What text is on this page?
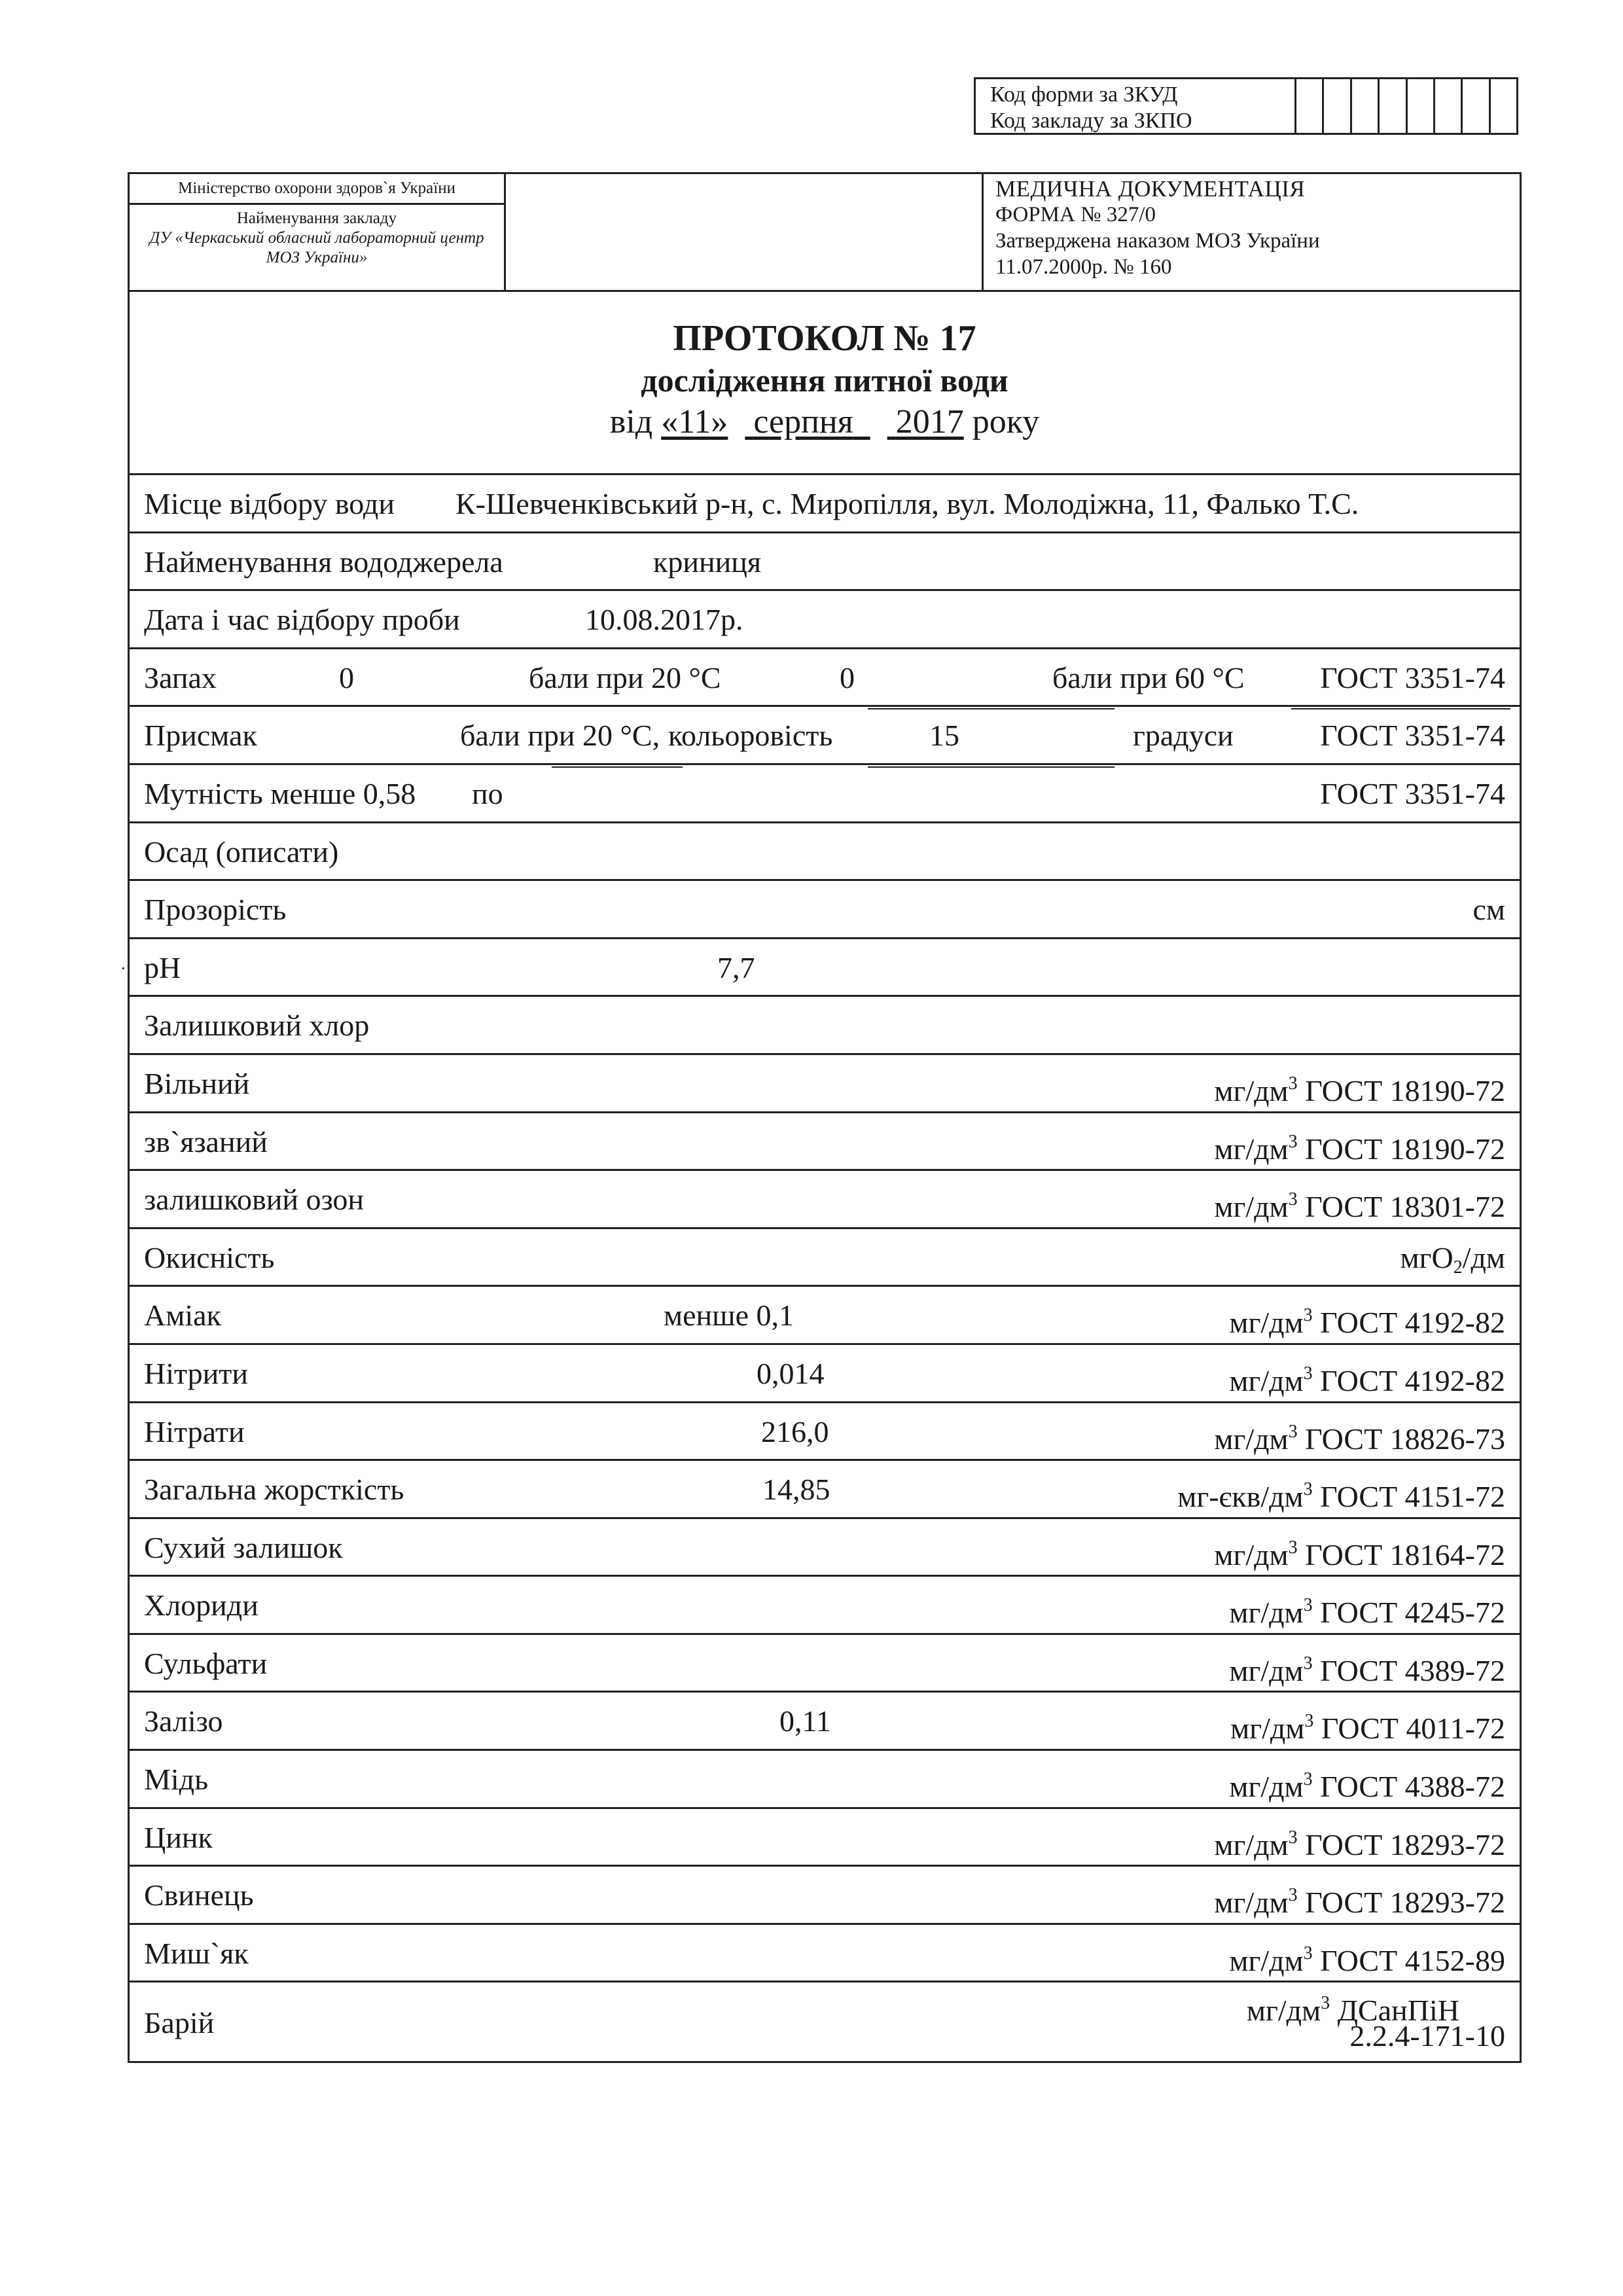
Код форми за ЗКУД
Код закладу за ЗКПО
Міністерство охорони здоров`я України
Найменування закладу
ДУ «Черкаський обласний лабораторний центр МОЗ України»
МЕДИЧНА ДОКУМЕНТАЦІЯ
ФОРМА № 327/0
Затверджена наказом МОЗ України
11.07.2000р. № 160
ПРОТОКОЛ № 17
дослідження питної води
від «11» серпня 2017 року
Місце відбору води К-Шевченківський р-н, с. Миропілля, вул. Молодіжна, 11, Фалько Т.С.
Найменування вододжерела	криниця
Дата і час відбору проби	10.08.2017р.
Запах	0	бали при 20 °С	0	бали при 60 °С	ГОСТ 3351-74
Присмак	бали при 20 °С, кольоровість	15	градуси	ГОСТ 3351-74
Мутність менше 0,58 по	ГОСТ 3351-74
Осад (описати)
Прозорість	см
· pH	7,7
Залишковий хлор
Вільний	$мг/дм^3$ ГОСТ 18190-72
зв`язаний	$мг/дм^3$ ГОСТ 18190-72
залишковий озон	$мг/дм^3$ ГОСТ 18301-72
Окисність	мгО$_2$/дм
Аміак	менше 0,1	$мг/дм^3$ ГОСТ 4192-82
Нітрити	0,014	$мг/дм^3$ ГОСТ 4192-82
Нітрати	216,0	$мг/дм^3$ ГОСТ 18826-73
Загальна жорсткість	14,85	$мг-єкв/дм^3$ ГОСТ 4151-72
Сухий залишок	$мг/дм^3$ ГОСТ 18164-72
Хлориди	$мг/дм^3$ ГОСТ 4245-72
Сульфати	$мг/дм^3$ ГОСТ 4389-72
Залізо	0,11	$мг/дм^3$ ГОСТ 4011-72
Мідь	$мг/дм^3$ ГОСТ 4388-72
Цинк	$мг/дм^3$ ГОСТ 18293-72
Свинець	$мг/дм^3$ ГОСТ 18293-72
Миш`як	$мг/дм^3$ ГОСТ 4152-89
Барій	$мг/дм^3$ ДСанПіН
2.2.4-171-10
